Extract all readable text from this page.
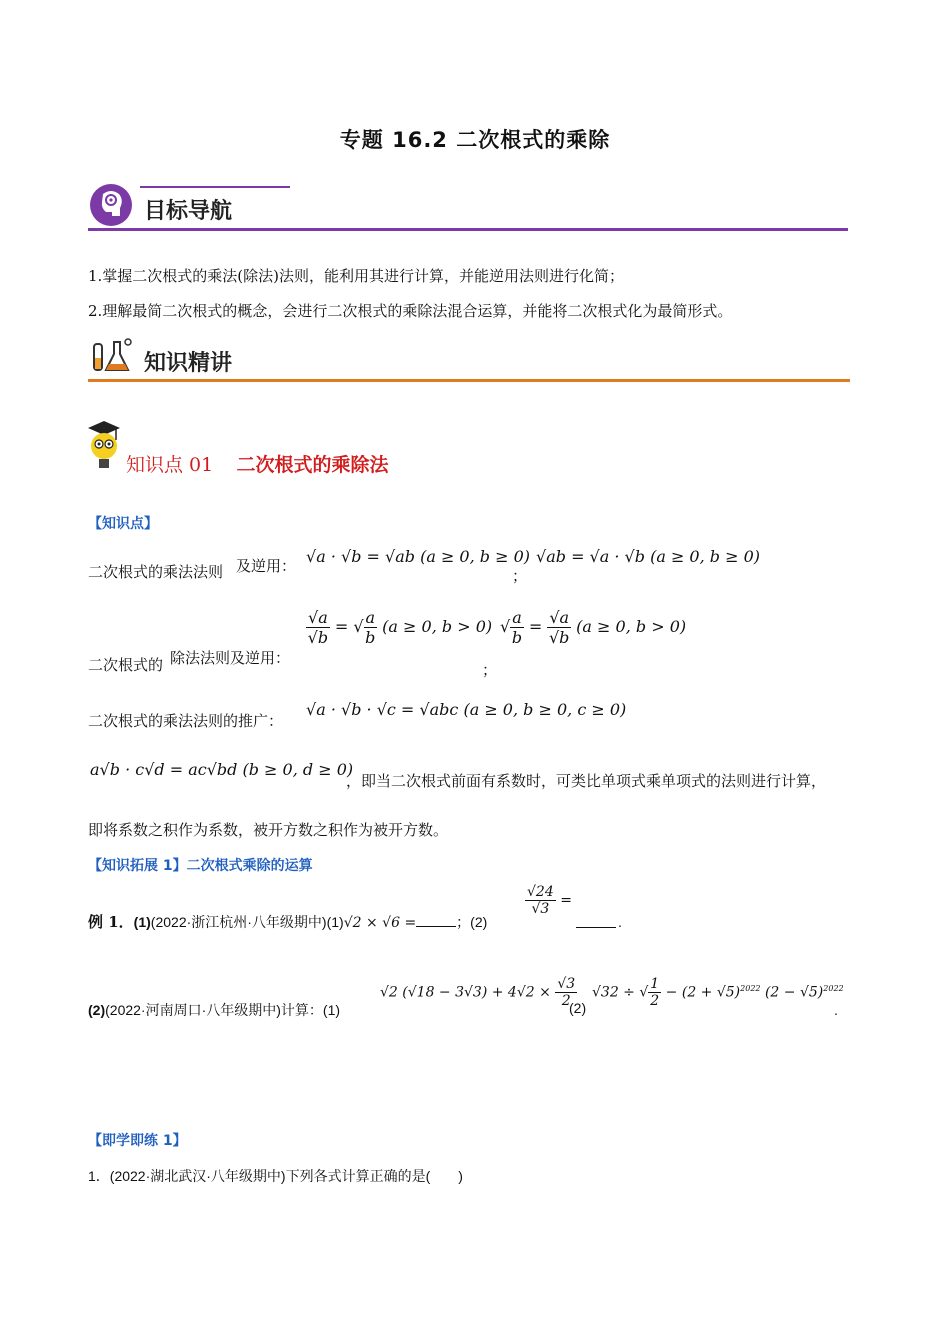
专题 16.2 二次根式的乘除
目标导航
1.掌握二次根式的乘法(除法)法则，能利用其进行计算，并能逆用法则进行化简；
2.理解最简二次根式的概念，会进行二次根式的乘除法混合运算，并能将二次根式化为最简形式。
知识精讲
知识点 01 二次根式的乘除法
【知识点】
二次根式的乘法法则 及逆用： √a · √b = √ab (a ≥ 0, b ≥ 0)
；
√ab = √a · √b (a ≥ 0, b ≥ 0)
二次根式的 除法法则及逆用：
$\frac{√a}{√b}$ = √ $\frac{a}{b} (a \ge 0$, b > 0)
；
√ $\frac{a}{b} = \frac{√a}{√b} (a \ge 0$, b > 0)
二次根式的乘法法则的推广：
√a · √b · √c = √abc (a ≥ 0, b ≥ 0, c ≥ 0)
a√b · c√d = ac√bd (b ≥ 0, d ≥ 0)
，即当二次根式前面有系数时，可类比单项式乘单项式的法则进行计算，
即将系数之积作为系数，被开方数之积作为被开方数。
【知识拓展 1】二次根式乘除的运算
例 1．(1)(2022·浙江杭州·八年级期中)(1)√2 × √6 =	；(2)
$\frac{√24}{√3}$ =
.
(2)(2022·河南周口·八年级期中)计算：(1)
√2 $(√18 - 3√3) + 4√2 \times \frac{√3}{2}$
(2)
√32 ÷ √ $\frac{1}{2} - (2 + √5)^{2022}$ $(2 - √5)^{2022}$
.
【即学即练 1】
1．(2022·湖北武汉·八年级期中)下列各式计算正确的是(　　)
